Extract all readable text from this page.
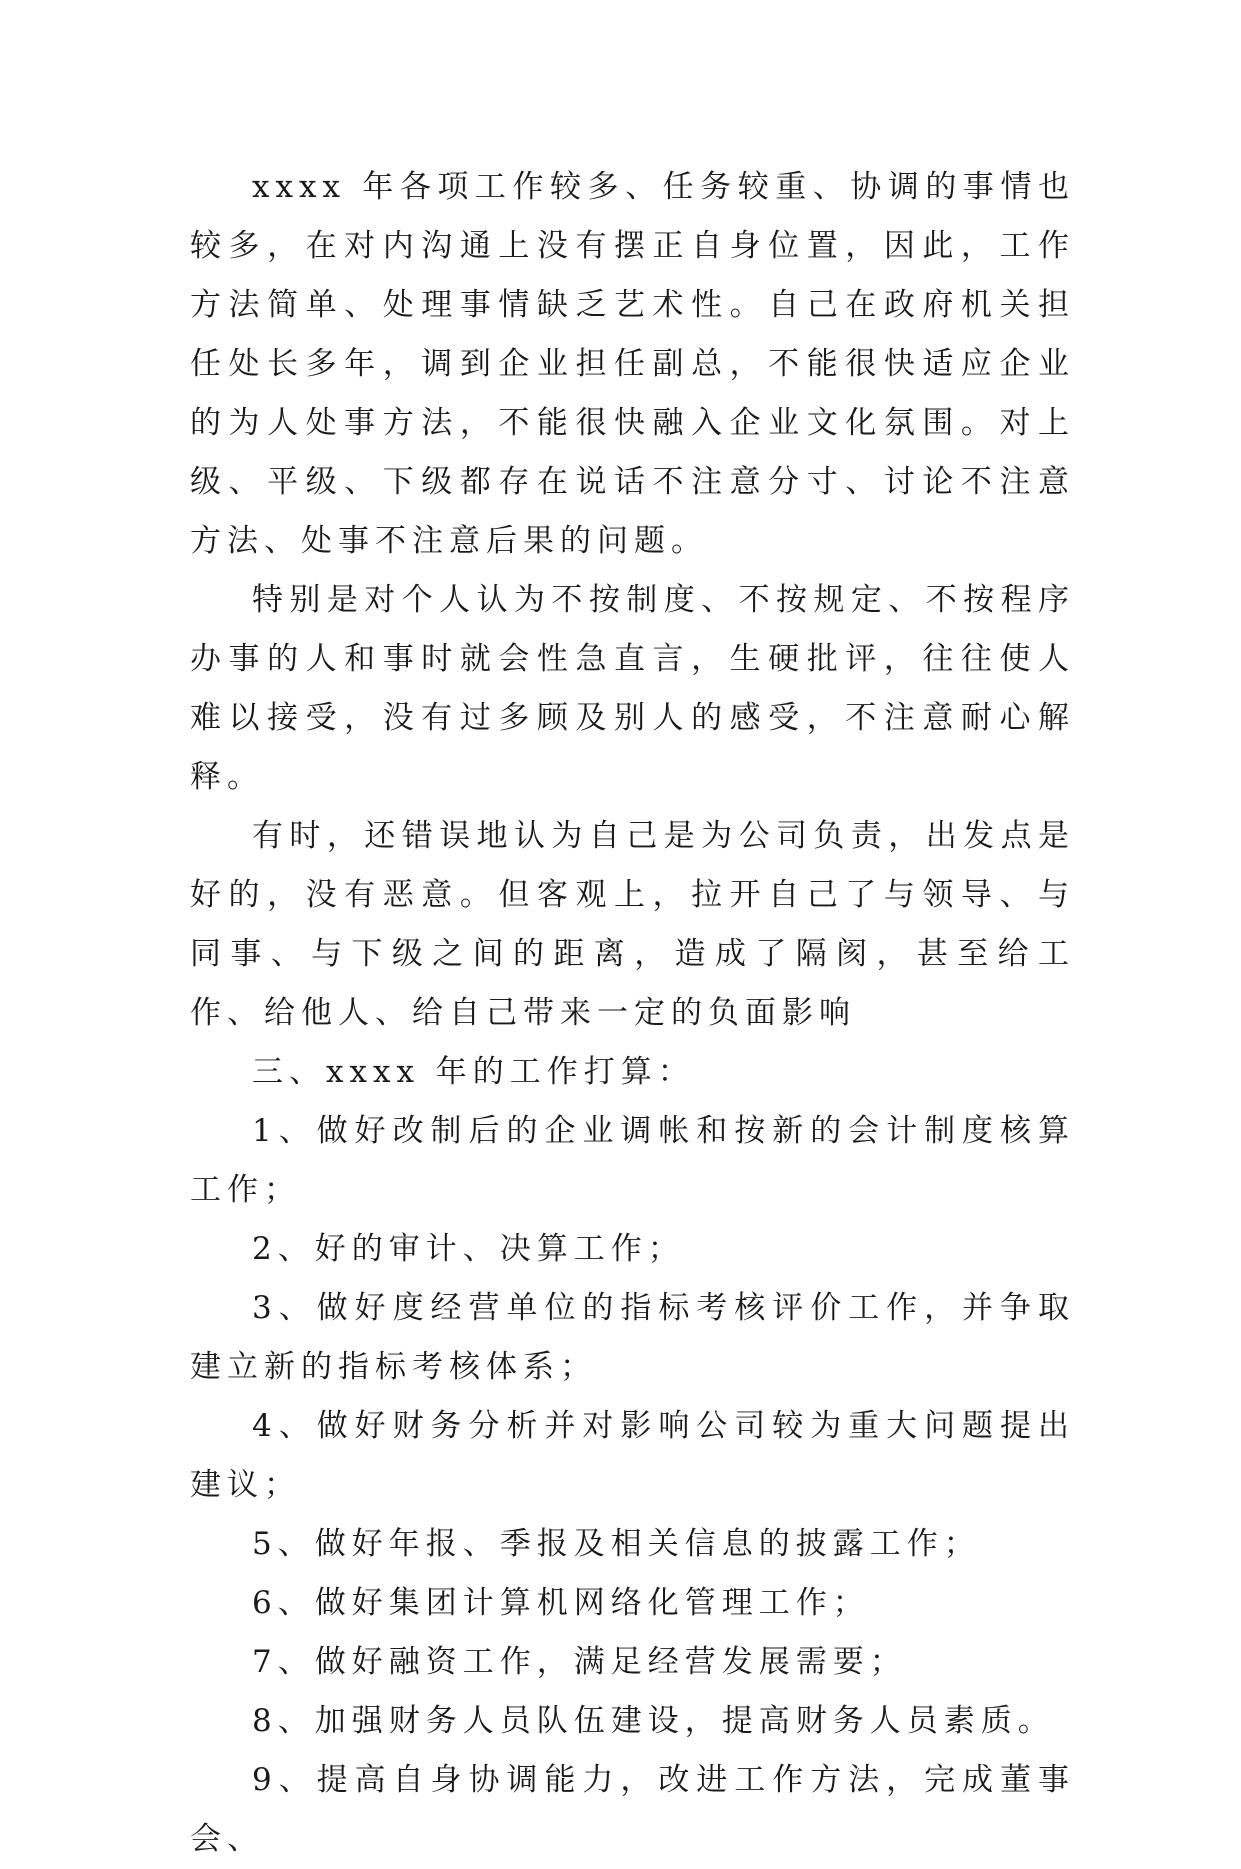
xxxx 年各项工作较多、任务较重、协调的事情也较多，在对内沟通上没有摆正自身位置，因此，工作方法简单、处理事情缺乏艺术性。自己在政府机关担任处长多年，调到企业担任副总，不能很快适应企业的为人处事方法，不能很快融入企业文化氛围。对上级、平级、下级都存在说话不注意分寸、讨论不注意方法、处事不注意后果的问题。

特别是对个人认为不按制度、不按规定、不按程序办事的人和事时就会性急直言，生硬批评，往往使人难以接受，没有过多顾及别人的感受，不注意耐心解释。

有时，还错误地认为自己是为公司负责，出发点是好的，没有恶意。但客观上，拉开自己了与领导、与同事、与下级之间的距离，造成了隔阂，甚至给工作、给他人、给自己带来一定的负面影响

三、xxxx 年的工作打算：

1、做好改制后的企业调帐和按新的会计制度核算工作；

2、好的审计、决算工作；

3、做好度经营单位的指标考核评价工作，并争取建立新的指标考核体系；

4、做好财务分析并对影响公司较为重大问题提出建议；

5、做好年报、季报及相关信息的披露工作；

6、做好集团计算机网络化管理工作；

7、做好融资工作，满足经营发展需要；

8、加强财务人员队伍建设，提高财务人员素质。

9、提高自身协调能力，改进工作方法，完成董事会、
